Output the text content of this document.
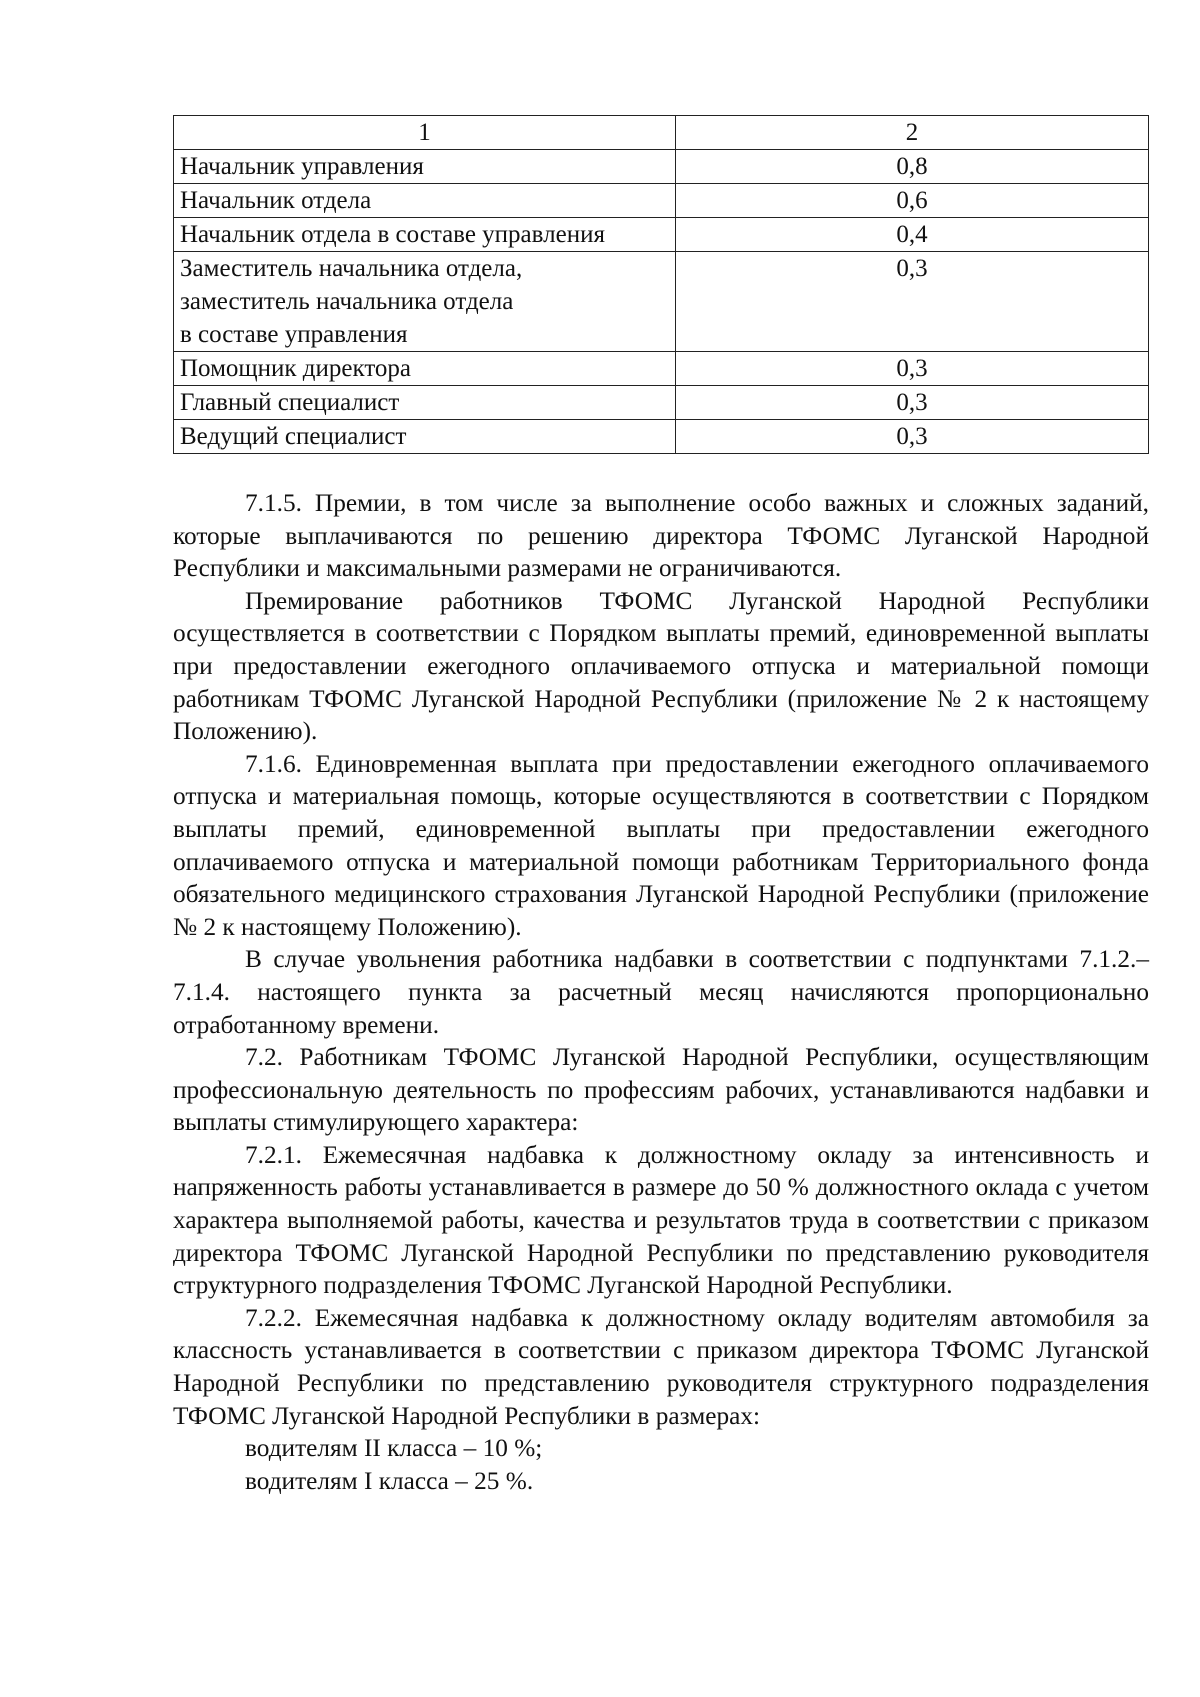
1	2
Начальник управления	0,8
Начальник отдела	0,6
Начальник отдела в составе управления	0,4

Заместитель начальника отдела,
заместитель начальника отдела
в составе управления	0,3
Помощник директора	0,3
Главный специалист	0,3
Ведущий специалист	0,3

7.1.5. Премии, в том числе за выполнение особо важных и сложных заданий, которые выплачиваются по решению директора ТФОМС Луганской Народной Республики и максимальными размерами не ограничиваются.

Премирование работников ТФОМС Луганской Народной Республики осуществляется в соответствии с Порядком выплаты премий, единовременной выплаты при предоставлении ежегодного оплачиваемого отпуска и материальной помощи работникам ТФОМС Луганской Народной Республики (приложение № 2 к настоящему Положению).

7.1.6. Единовременная выплата при предоставлении ежегодного оплачиваемого отпуска и материальная помощь, которые осуществляются в соответствии с Порядком выплаты премий, единовременной выплаты при предоставлении ежегодного оплачиваемого отпуска и материальной помощи работникам Территориального фонда обязательного медицинского страхования Луганской Народной Республики (приложение № 2 к настоящему Положению).

В случае увольнения работника надбавки в соответствии с подпунктами 7.1.2.–7.1.4. настоящего пункта за расчетный месяц начисляются пропорционально отработанному времени.

7.2. Работникам ТФОМС Луганской Народной Республики, осуществляющим профессиональную деятельность по профессиям рабочих, устанавливаются надбавки и выплаты стимулирующего характера:

7.2.1. Ежемесячная надбавка к должностному окладу за интенсивность и напряженность работы устанавливается в размере до 50 % должностного оклада с учетом характера выполняемой работы, качества и результатов труда в соответствии с приказом директора ТФОМС Луганской Народной Республики по представлению руководителя структурного подразделения ТФОМС Луганской Народной Республики.

7.2.2. Ежемесячная надбавка к должностному окладу водителям автомобиля за классность устанавливается в соответствии с приказом директора ТФОМС Луганской Народной Республики по представлению руководителя структурного подразделения ТФОМС Луганской Народной Республики в размерах:

водителям II класса – 10 %;

водителям I класса – 25 %.
